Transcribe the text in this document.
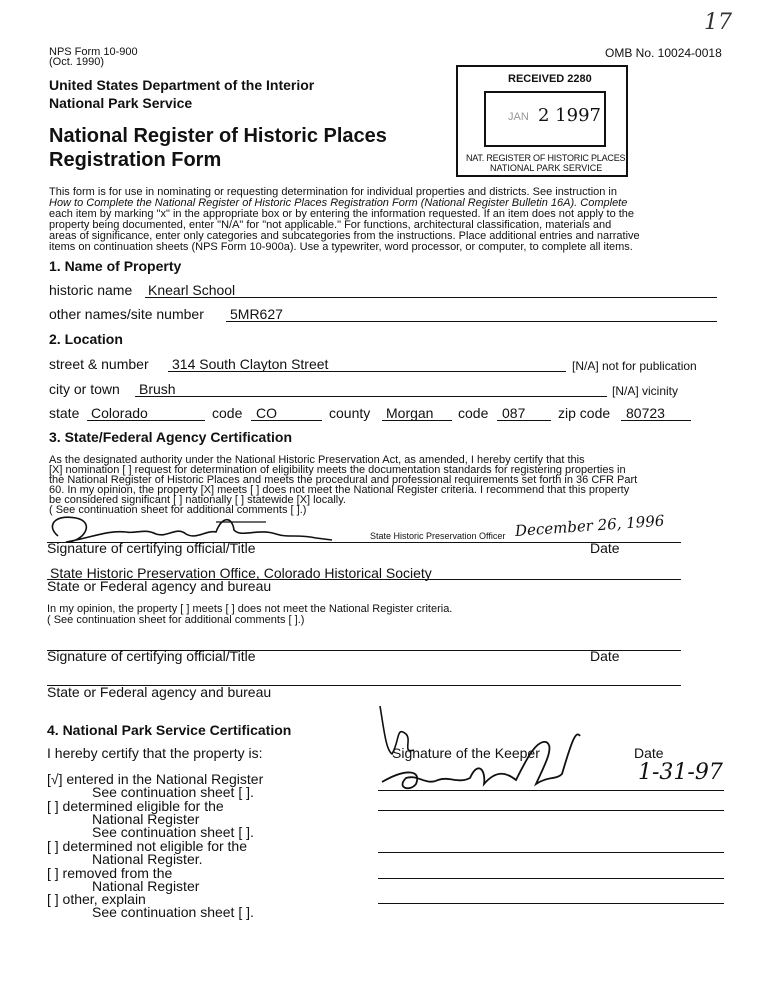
17
NPS Form 10-900
(Oct. 1990)
OMB No. 10024-0018
United States Department of the Interior
National Park Service
National Register of Historic Places
Registration Form
RECEIVED 2280
JAN 2 1997
NAT. REGISTER OF HISTORIC PLACES
NATIONAL PARK SERVICE
This form is for use in nominating or requesting determination for individual properties and districts. See instruction in
How to Complete the National Register of Historic Places Registration Form (National Register Bulletin 16A). Complete
each item by marking "x" in the appropriate box or by entering the information requested. If an item does not apply to the
property being documented, enter "N/A" for "not applicable." For functions, architectural classification, materials and
areas of significance, enter only categories and subcategories from the instructions. Place additional entries and narrative
items on continuation sheets (NPS Form 10-900a). Use a typewriter, word processor, or computer, to complete all items.
1. Name of Property
historic name Knearl School
other names/site number 5MR627
2. Location
street & number 314 South Clayton Street	[N/A] not for publication
city or town Brush	[N/A] vicinity
state Colorado	code CO	county Morgan code 087 zip code 80723
3. State/Federal Agency Certification
As the designated authority under the National Historic Preservation Act, as amended, I hereby certify that this
[X] nomination [ ] request for determination of eligibility meets the documentation standards for registering properties in
the National Register of Historic Places and meets the procedural and professional requirements set forth in 36 CFR Part
60. In my opinion, the property [X] meets [ ] does not meet the National Register criteria. I recommend that this property
be considered significant [ ] nationally [ ] statewide [X] locally.
( See continuation sheet for additional comments [ ].)
State Historic Preservation Officer December 26, 1996
Signature of certifying official/Title	Date
State Historic Preservation Office, Colorado Historical Society
State or Federal agency and bureau
In my opinion, the property [ ] meets [ ] does not meet the National Register criteria.
( See continuation sheet for additional comments [ ].)
Signature of certifying official/Title	Date
State or Federal agency and bureau
4. National Park Service Certification
I hereby certify that the property is:	Signature of the Keeper	Date
1-31-97
[√] entered in the National Register
See continuation sheet [ ].
[ ] determined eligible for the
National Register
See continuation sheet [ ].
[ ] determined not eligible for the
National Register.
[ ] removed from the
National Register
[ ] other, explain
See continuation sheet [ ].
